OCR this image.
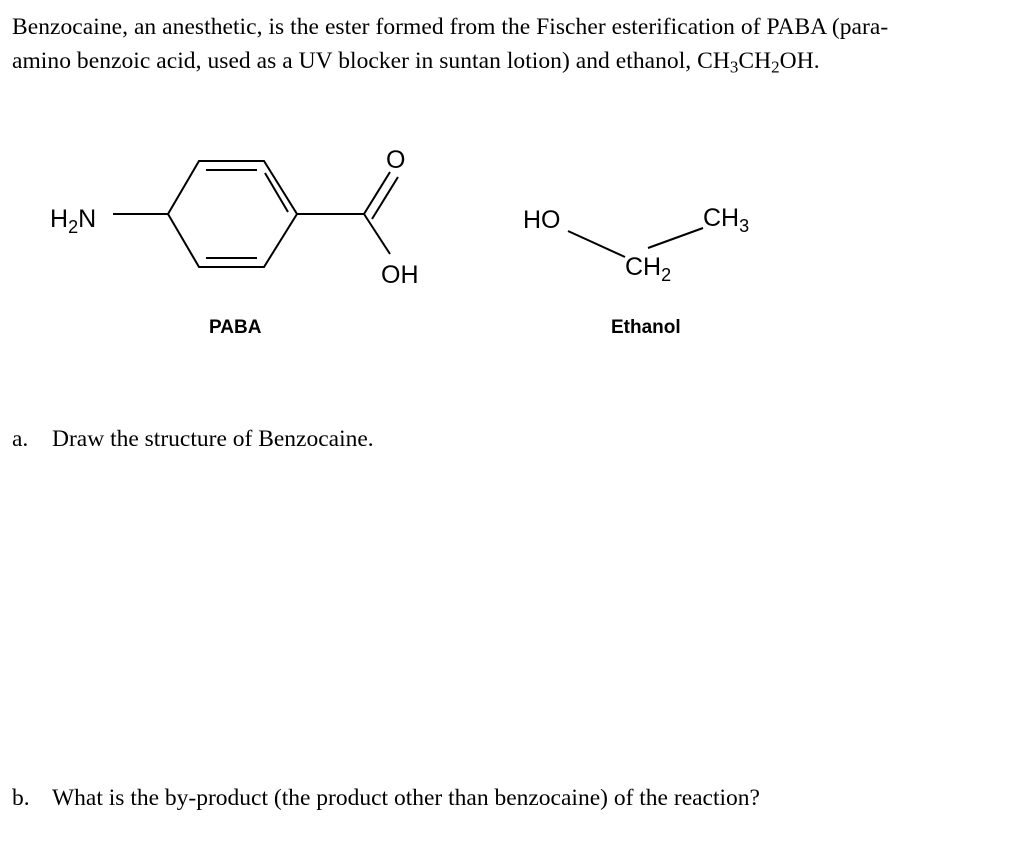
Benzocaine, an anesthetic, is the ester formed from the Fischer esterification of PABA (para-
amino benzoic acid, used as a UV blocker in suntan lotion) and ethanol, $CH_3CH_2OH$.
$H_2N$
O
OH
PABA
HO
$CH_2$
$CH_3$
Ethanol
a. Draw the structure of Benzocaine.
b. What is the by-product (the product other than benzocaine) of the reaction?
